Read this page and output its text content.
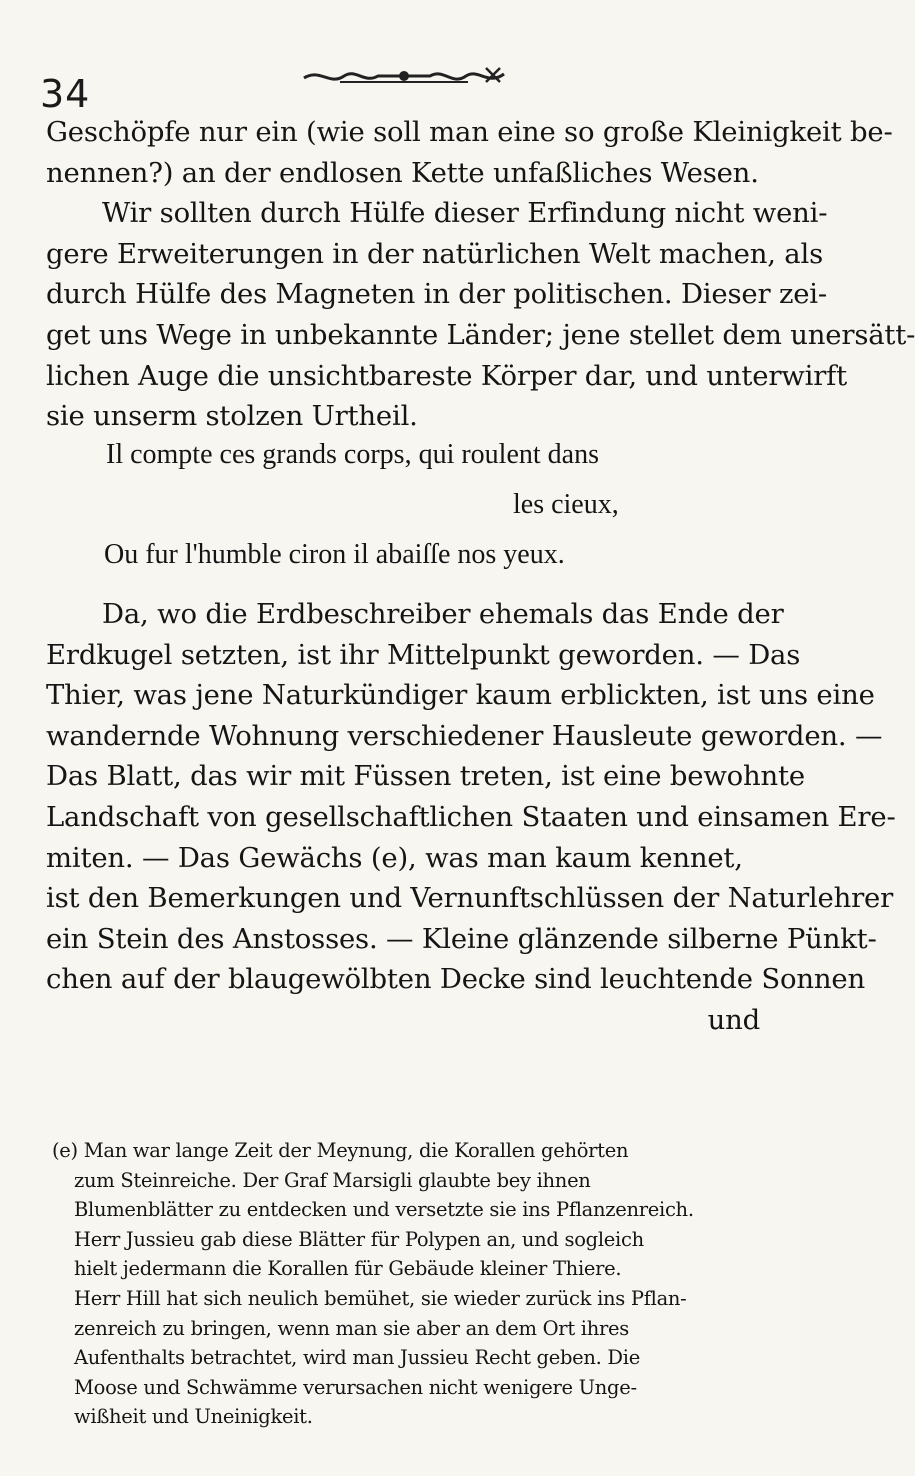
34
Geschöpfe nur ein (wie soll man eine so große Kleinigkeit be-
nennen?) an der endlosen Kette unfaßliches Wesen.
Wir sollten durch Hülfe dieser Erfindung nicht weni-
gere Erweiterungen in der natürlichen Welt machen, als
durch Hülfe des Magneten in der politischen. Dieser zei-
get uns Wege in unbekannte Länder; jene stellet dem unersätt-
lichen Auge die unsichtbareste Körper dar, und unterwirft
sie unserm stolzen Urtheil.
Il compte ces grands corps, qui roulent dans
les cieux,
Ou fur l'humble ciron il abaiſſe nos yeux.
Da, wo die Erdbeschreiber ehemals das Ende der
Erdkugel setzten, ist ihr Mittelpunkt geworden. — Das
Thier, was jene Naturkündiger kaum erblickten, ist uns eine
wandernde Wohnung verschiedener Hausleute geworden. —
Das Blatt, das wir mit Füssen treten, ist eine bewohnte
Landschaft von gesellschaftlichen Staaten und einsamen Ere-
miten. — Das Gewächs (e), was man kaum kennet,
ist den Bemerkungen und Vernunftschlüssen der Naturlehrer
ein Stein des Anstosses. — Kleine glänzende silberne Pünkt-
chen auf der blaugewölbten Decke sind leuchtende Sonnen
und
(e) Man war lange Zeit der Meynung, die Korallen gehörten
zum Steinreiche. Der Graf Marsigli glaubte bey ihnen
Blumenblätter zu entdecken und versetzte sie ins Pflanzenreich.
Herr Jussieu gab diese Blätter für Polypen an, und sogleich
hielt jedermann die Korallen für Gebäude kleiner Thiere.
Herr Hill hat sich neulich bemühet, sie wieder zurück ins Pflan-
zenreich zu bringen, wenn man sie aber an dem Ort ihres
Aufenthalts betrachtet, wird man Jussieu Recht geben. Die
Moose und Schwämme verursachen nicht wenigere Unge-
wißheit und Uneinigkeit.
